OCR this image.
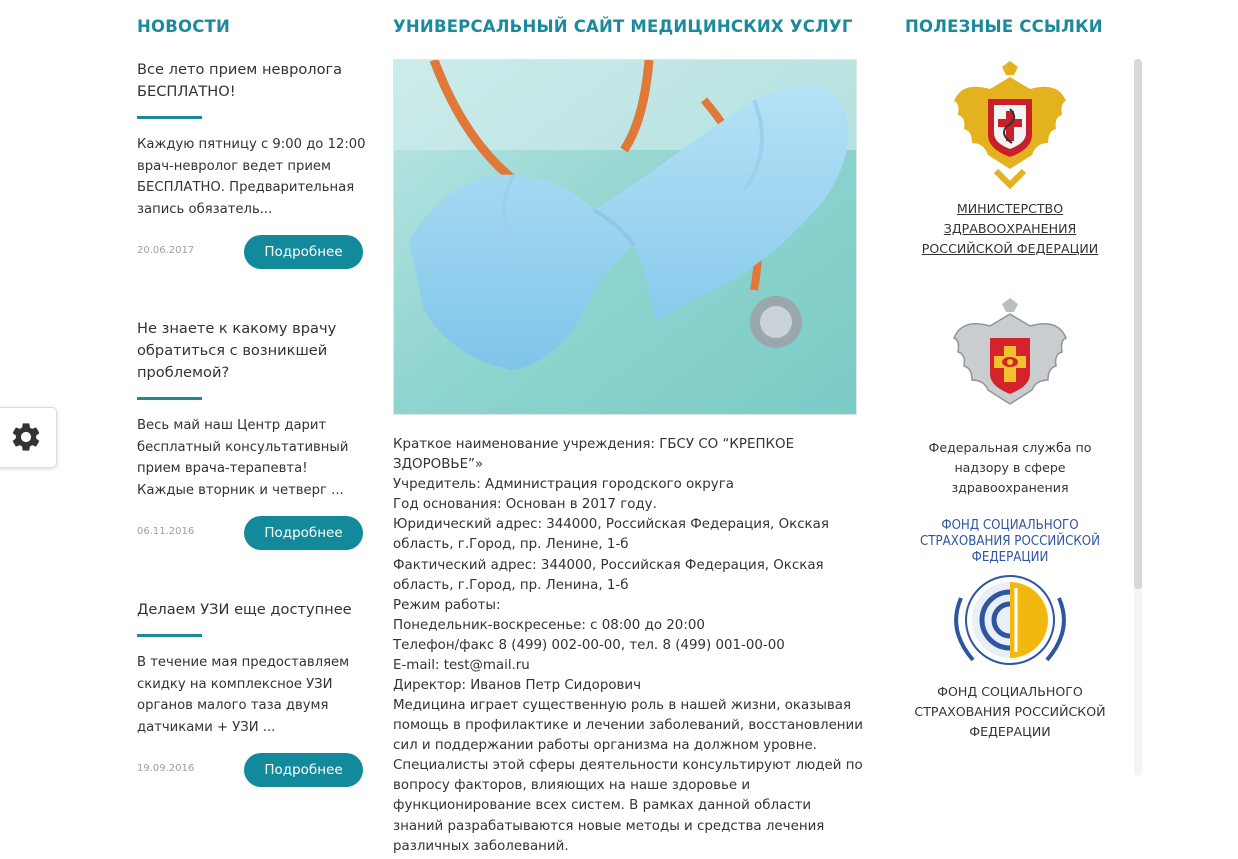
НОВОСТИ

Все лето прием невролога БЕСПЛАТНО!

Каждую пятницу с 9:00 до 12:00 врач-невролог ведет прием БЕСПЛАТНО. Предварительная запись обязатель...

20.06.2017	Подробнее

Не знаете к какому врачу обратиться с возникшей проблемой?

Весь май наш Центр дарит бесплатный консультативный прием врача-терапевта! Каждые вторник и четверг ...

06.11.2016	Подробнее

Делаем УЗИ еще доступнее

В течение мая предоставляем скидку на комплексное УЗИ органов малого таза двумя датчиками + УЗИ ...

19.09.2016	Подробнее
УНИВЕРСАЛЬНЫЙ САЙТ МЕДИЦИНСКИХ УСЛУГ

Краткое наименование учреждения: ГБСУ СО “КРЕПКОЕ ЗДОРОВЬЕ”»

Учредитель: Администрация городского округа

Год основания: Основан в 2017 году.

Юридический адрес: 344000, Российская Федерация, Окская область, г.Город, пр. Ленине, 1-б

Фактический адрес: 344000, Российская Федерация, Окская область, г.Город, пр. Ленина, 1-б

Режим работы:

Понедельник-воскресенье: с 08:00 до 20:00

Телефон/факс 8 (499) 002-00-00, тел. 8 (499) 001-00-00

E-mail: test@mail.ru

Директор: Иванов Петр Сидорович

Медицина играет существенную роль в нашей жизни, оказывая помощь в профилактике и лечении заболеваний, восстановлении сил и поддержании работы организма на должном уровне. Специалисты этой сферы деятельности консультируют людей по вопросу факторов, влияющих на наше здоровье и функционирование всех систем. В рамках данной области знаний разрабатываются новые методы и средства лечения различных заболеваний.

ПОЛЕЗНЫЕ ССЫЛКИ
МИНИСТЕРСТВО ЗДРАВООХРАНЕНИЯ РОССИЙСКОЙ ФЕДЕРАЦИИ
Федеральная служба по надзору в сфере здравоохранения
ФОНД СОЦИАЛЬНОГО СТРАХОВАНИЯ РОССИЙСКОЙ ФЕДЕРАЦИИ
ФОНД СОЦИАЛЬНОГО СТРАХОВАНИЯ РОССИЙСКОЙ ФЕДЕРАЦИИ
